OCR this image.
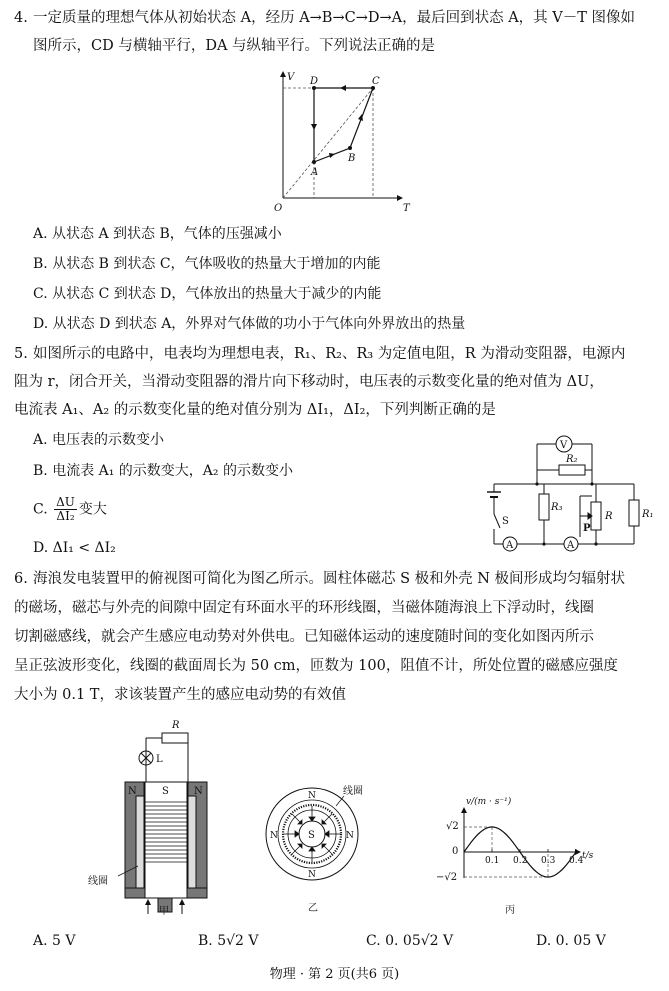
4. 一定质量的理想气体从初始状态 A，经历 A→B→C→D→A，最后回到状态 A，其 V－T 图像如
图所示，CD 与横轴平行，DA 与纵轴平行。下列说法正确的是
V
T
O
A
B
C
D
A. 从状态 A 到状态 B，气体的压强减小
B. 从状态 B 到状态 C，气体吸收的热量大于增加的内能
C. 从状态 C 到状态 D，气体放出的热量大于减少的内能
D. 从状态 D 到状态 A，外界对气体做的功小于气体向外界放出的热量
5. 如图所示的电路中，电表均为理想电表，R₁、R₂、R₃ 为定值电阻，R 为滑动变阻器，电源内
阻为 r，闭合开关，当滑动变阻器的滑片向下移动时，电压表的示数变化量的绝对值为 ΔU，
电流表 A₁、A₂ 的示数变化量的绝对值分别为 ΔI₁，ΔI₂，下列判断正确的是
A. 电压表的示数变小
B. 电流表 A₁ 的示数变大，A₂ 的示数变小
C. $\frac{\Delta U}{\text{ΔI₂}}$ 变大
D. ΔI₁ < ΔI₂
V
R₂
R₃
R	R₁
S
P
A	A
6. 海浪发电装置甲的俯视图可简化为图乙所示。圆柱体磁芯 S 极和外壳 N 极间形成均匀辐射状
的磁场，磁芯与外壳的间隙中固定有环面水平的环形线圈，当磁体随海浪上下浮动时，线圈
切割磁感线，就会产生感应电动势对外供电。已知磁体运动的速度随时间的变化如图丙所示
呈正弦波形变化，线圈的截面周长为 50 cm，匝数为 100，阻值不计，所处位置的磁感应强度
大小为 0.1 T，求该装置产生的感应电动势的有效值
R
L
N	S	N
线圈
甲
线圈
S
N
N
N	N
乙
0.1 0.2 0.3 0.4
v/(m · s⁻¹)
t/s
√2
0
−√2
丙
A. 5 V	B. 5√2 V	C. 0. 05√2 V	D. 0. 05 V
物理 · 第 2 页(共6 页)
